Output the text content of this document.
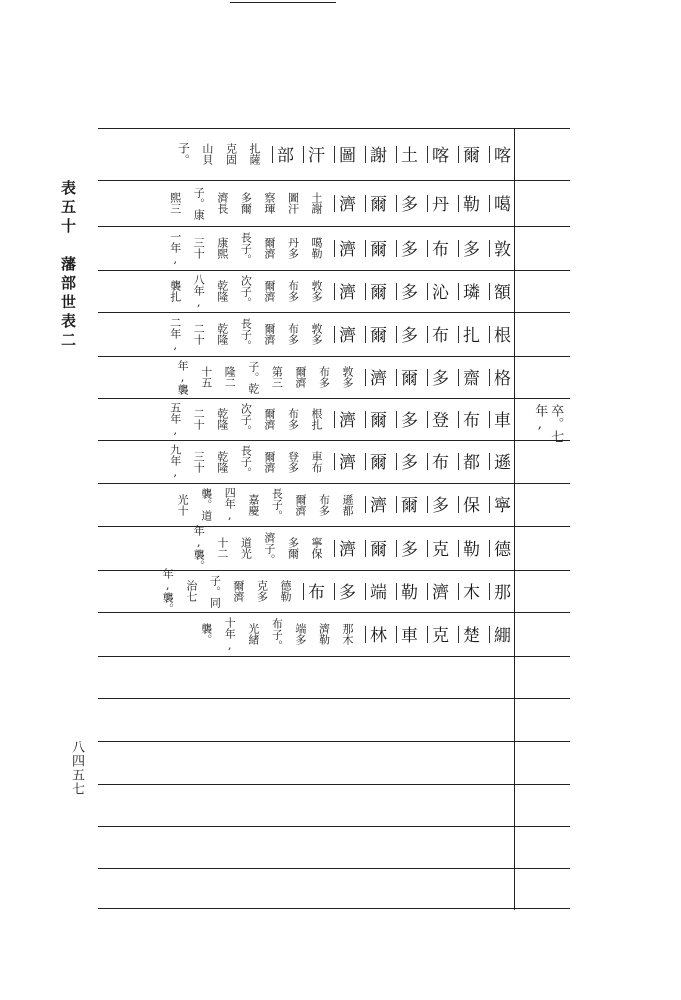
表五十　藩部世表二
八四五七
卒。七
年,
喀
爾
喀
土
謝
圖
汗
部
扎薩
克固
山貝
子。
噶
勒
丹
多
爾
濟
土謝
圖汗
察琿
多爾
濟長
子。康
熙三
敦
多
布
多
爾
濟
噶勒
丹多
爾濟
長子。
康熙
三十
一年,
額
璘
沁
多
爾
濟
敦多
布多
爾濟
次子。
乾隆
八年,
襲扎
根
扎
布
多
爾
濟
敦多
布多
爾濟
長子。
乾隆
二十
二年,
格
齋
多
爾
濟
敦多
布多
爾濟
第三
子。乾
隆二
十五
年,襲
車
布
登
多
爾
濟
根扎
布多
爾濟
次子。
乾隆
二十
五年,
遜
都
布
多
爾
濟
車布
登多
爾濟
長子。
乾隆
三十
九年,
寧
保
多
爾
濟
遜都
布多
爾濟
長子。
嘉慶
四年,
襲。道
光十
德
勒
克
多
爾
濟
寧保
多爾
濟子。
道光
十二
年,襲。
那
木
濟
勒
端
多
布
德勒
克多
爾濟
子。同
治七
年,襲。
綳
楚
克
車
林
那木
濟勒
端多
布子。
光緒
十年,
襲。
